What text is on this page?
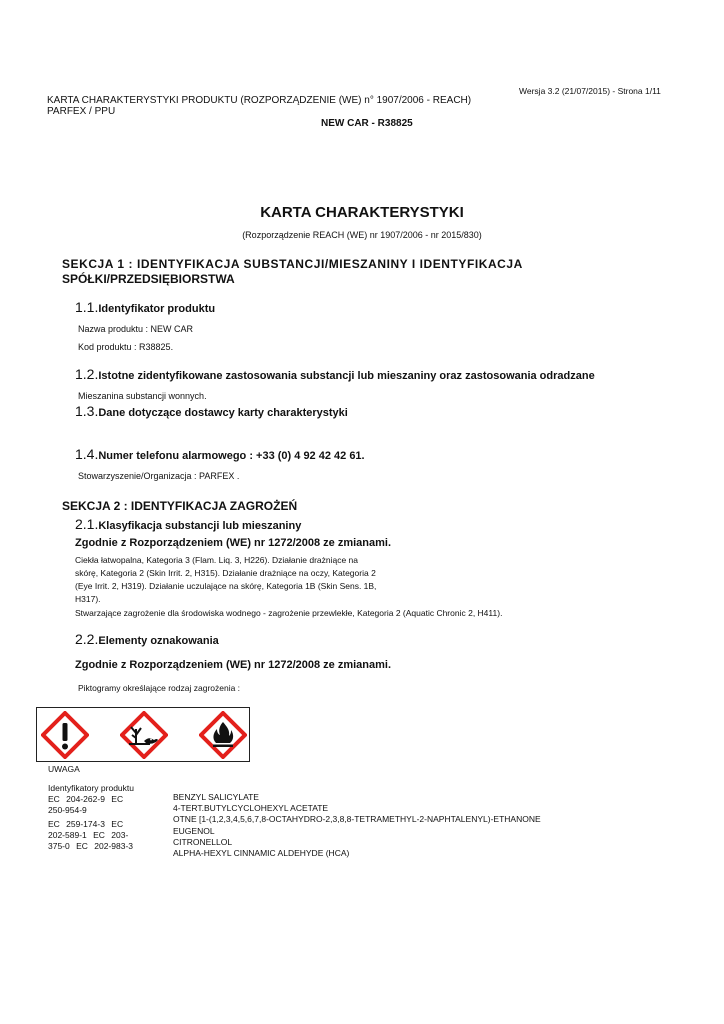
Wersja 3.2 (21/07/2015) - Strona 1/11
KARTA CHARAKTERYSTYKI PRODUKTU (ROZPORZĄDZENIE (WE) n° 1907/2006 - REACH)
PARFEX / PPU
NEW CAR - R38825
KARTA CHARAKTERYSTYKI
(Rozporządzenie REACH (WE) nr 1907/2006 - nr 2015/830)
SEKCJA 1 : IDENTYFIKACJA SUBSTANCJI/MIESZANINY I IDENTYFIKACJA
SPÓŁKI/PRZEDSIĘBIORSTWA
1.1.Identyfikator produktu
Nazwa produktu : NEW CAR
Kod produktu : R38825.
1.2.Istotne zidentyfikowane zastosowania substancji lub mieszaniny oraz zastosowania odradzane
Mieszanina substancji wonnych.
1.3.Dane dotyczące dostawcy karty charakterystyki
1.4.Numer telefonu alarmowego : +33 (0) 4 92 42 42 61.
Stowarzyszenie/Organizacja : PARFEX .
SEKCJA 2 : IDENTYFIKACJA ZAGROŻEŃ
2.1.Klasyfikacja substancji lub mieszaniny
Zgodnie z Rozporządzeniem (WE) nr 1272/2008 ze zmianami.
Ciekła łatwopalna, Kategoria 3 (Flam. Liq. 3, H226). Działanie drażniące na
skórę, Kategoria 2 (Skin Irrit. 2, H315). Działanie drażniące na oczy, Kategoria 2
(Eye Irrit. 2, H319). Działanie uczulające na skórę, Kategoria 1B (Skin Sens. 1B,
H317).
Stwarzające zagrożenie dla środowiska wodnego - zagrożenie przewlekłe, Kategoria 2 (Aquatic Chronic 2, H411).
2.2.Elementy oznakowania
Zgodnie z Rozporządzeniem (WE) nr 1272/2008 ze zmianami.
Piktogramy określające rodzaj zagrożenia :
UWAGA
Identyfikatory produktu
EC 204-262-9 EC 250-954-9
EC 259-174-3 EC 202-589-1 EC 203-375-0 EC 202-983-3
BENZYL SALICYLATE
4-TERT.BUTYLCYCLOHEXYL ACETATE
OTNE [1-(1,2,3,4,5,6,7,8-OCTAHYDRO-2,3,8,8-TETRAMETHYL-2-NAPHTALENYL)-ETHANONE
EUGENOL
CITRONELLOL
ALPHA-HEXYL CINNAMIC ALDEHYDE (HCA)
